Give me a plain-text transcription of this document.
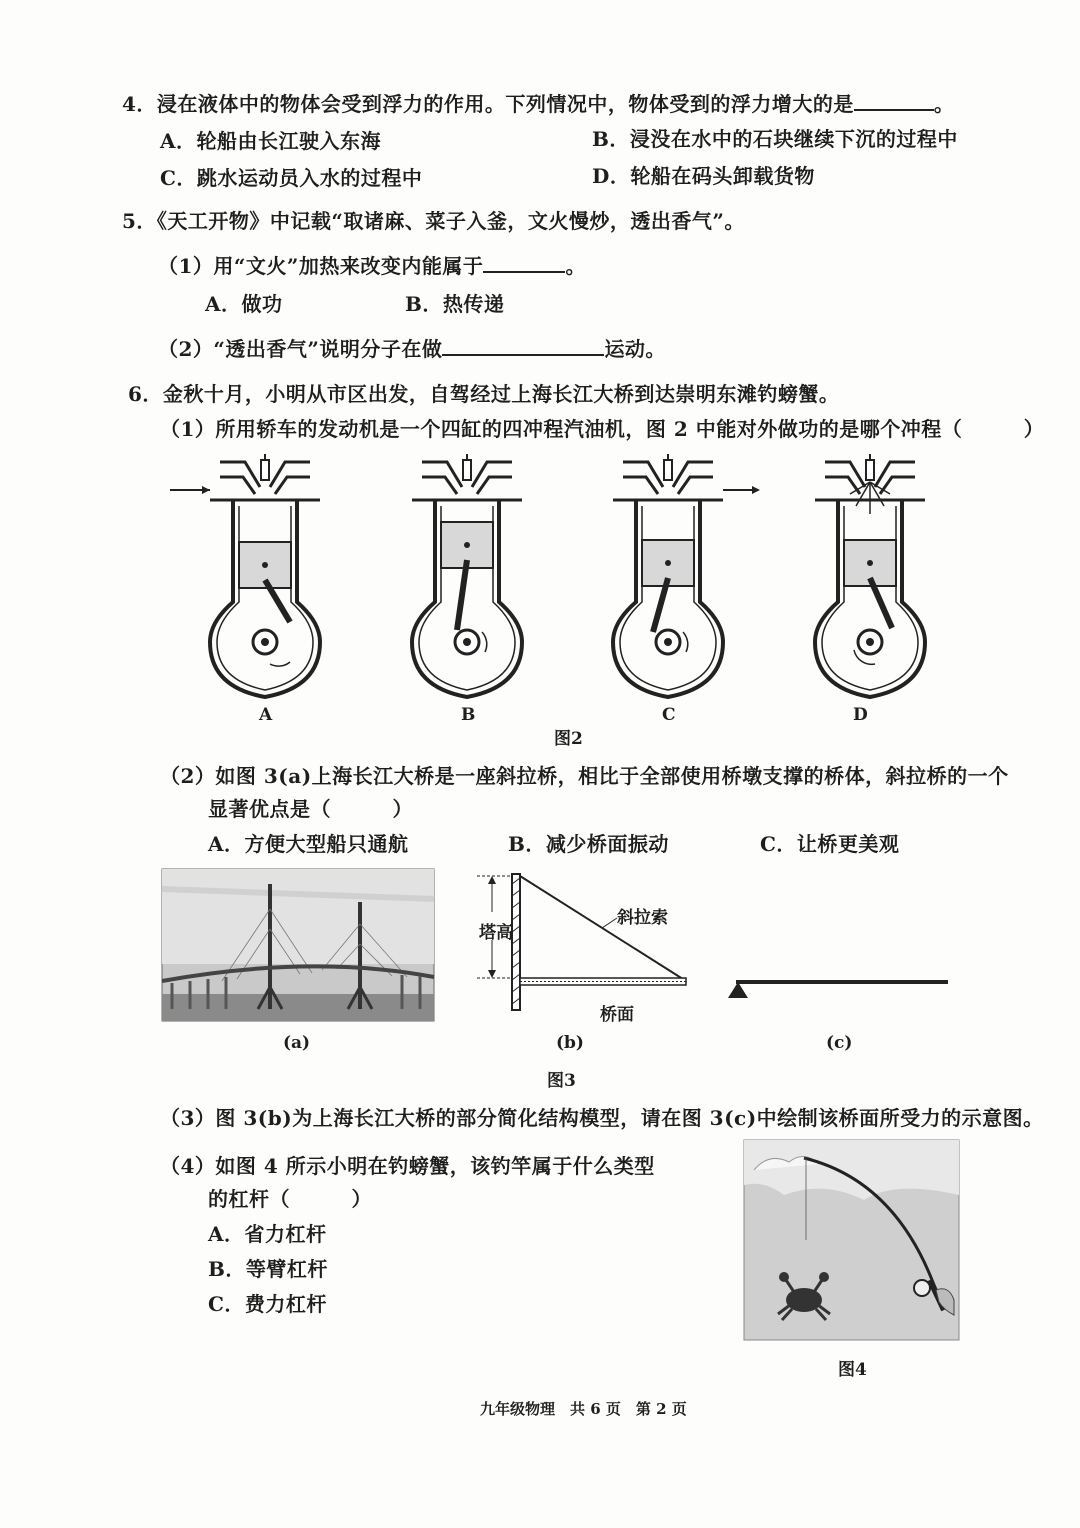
4．浸在液体中的物体会受到浮力的作用。下列情况中，物体受到的浮力增大的是	。
A．轮船由长江驶入东海	B．浸没在水中的石块继续下沉的过程中
C．跳水运动员入水的过程中	D．轮船在码头卸载货物
5．《天工开物》中记载“取诸麻、菜子入釜，文火慢炒，透出香气”。
（1）用“文火”加热来改变内能属于	。
A．做功	B．热传递
（2）“透出香气”说明分子在做	运动。
6．金秋十月，小明从市区出发，自驾经过上海长江大桥到达崇明东滩钓螃蟹。
（1）所用轿车的发动机是一个四缸的四冲程汽油机，图 2 中能对外做功的是哪个冲程（　　　）
A	B	C	D
图2
（2）如图 3(a)上海长江大桥是一座斜拉桥，相比于全部使用桥墩支撑的桥体，斜拉桥的一个
显著优点是（　　　）
A．方便大型船只通航	B．减少桥面振动	C．让桥更美观
塔高
斜拉索
桥面
(a)	(b)	(c)
图3
（3）图 3(b)为上海长江大桥的部分简化结构模型，请在图 3(c)中绘制该桥面所受力的示意图。
（4）如图 4 所示小明在钓螃蟹，该钓竿属于什么类型
的杠杆（　　　）
A．省力杠杆
B．等臂杠杆
C．费力杠杆
图4
九年级物理　共 6 页　第 2 页
